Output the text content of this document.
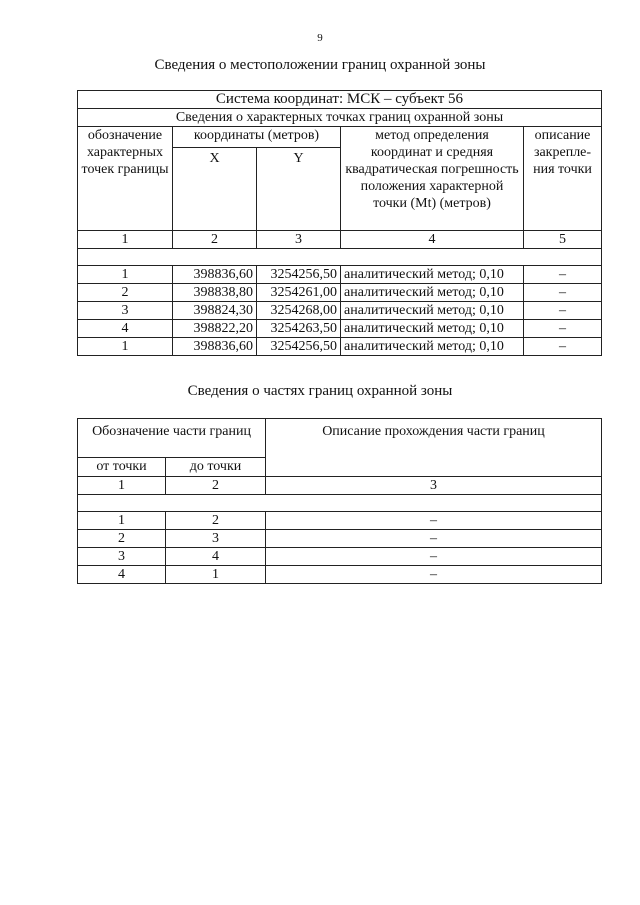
9
Сведения о местоположении границ охранной зоны
Система координат: МСК – субъект 56				
Сведения о характерных точках границ охранной зоны				
обозначение характерных точек границы	координаты (метров)		метод определения координат и средняя квадратическая погрешность положения характерной точки (Mt) (метров)	описание закрепле-ния точки
	X	Y		
1	2	3	4	5

1	398836,60	3254256,50	аналитический метод; 0,10	–
2	398838,80	3254261,00	аналитический метод; 0,10	–
3	398824,30	3254268,00	аналитический метод; 0,10	–
4	398822,20	3254263,50	аналитический метод; 0,10	–
1	398836,60	3254256,50	аналитический метод; 0,10	–
Сведения о частях границ охранной зоны
Обозначение части границ		Описание прохождения части границ
от точки	до точки	
1	2	3

1	2	–
2	3	–
3	4	–
4	1	–
